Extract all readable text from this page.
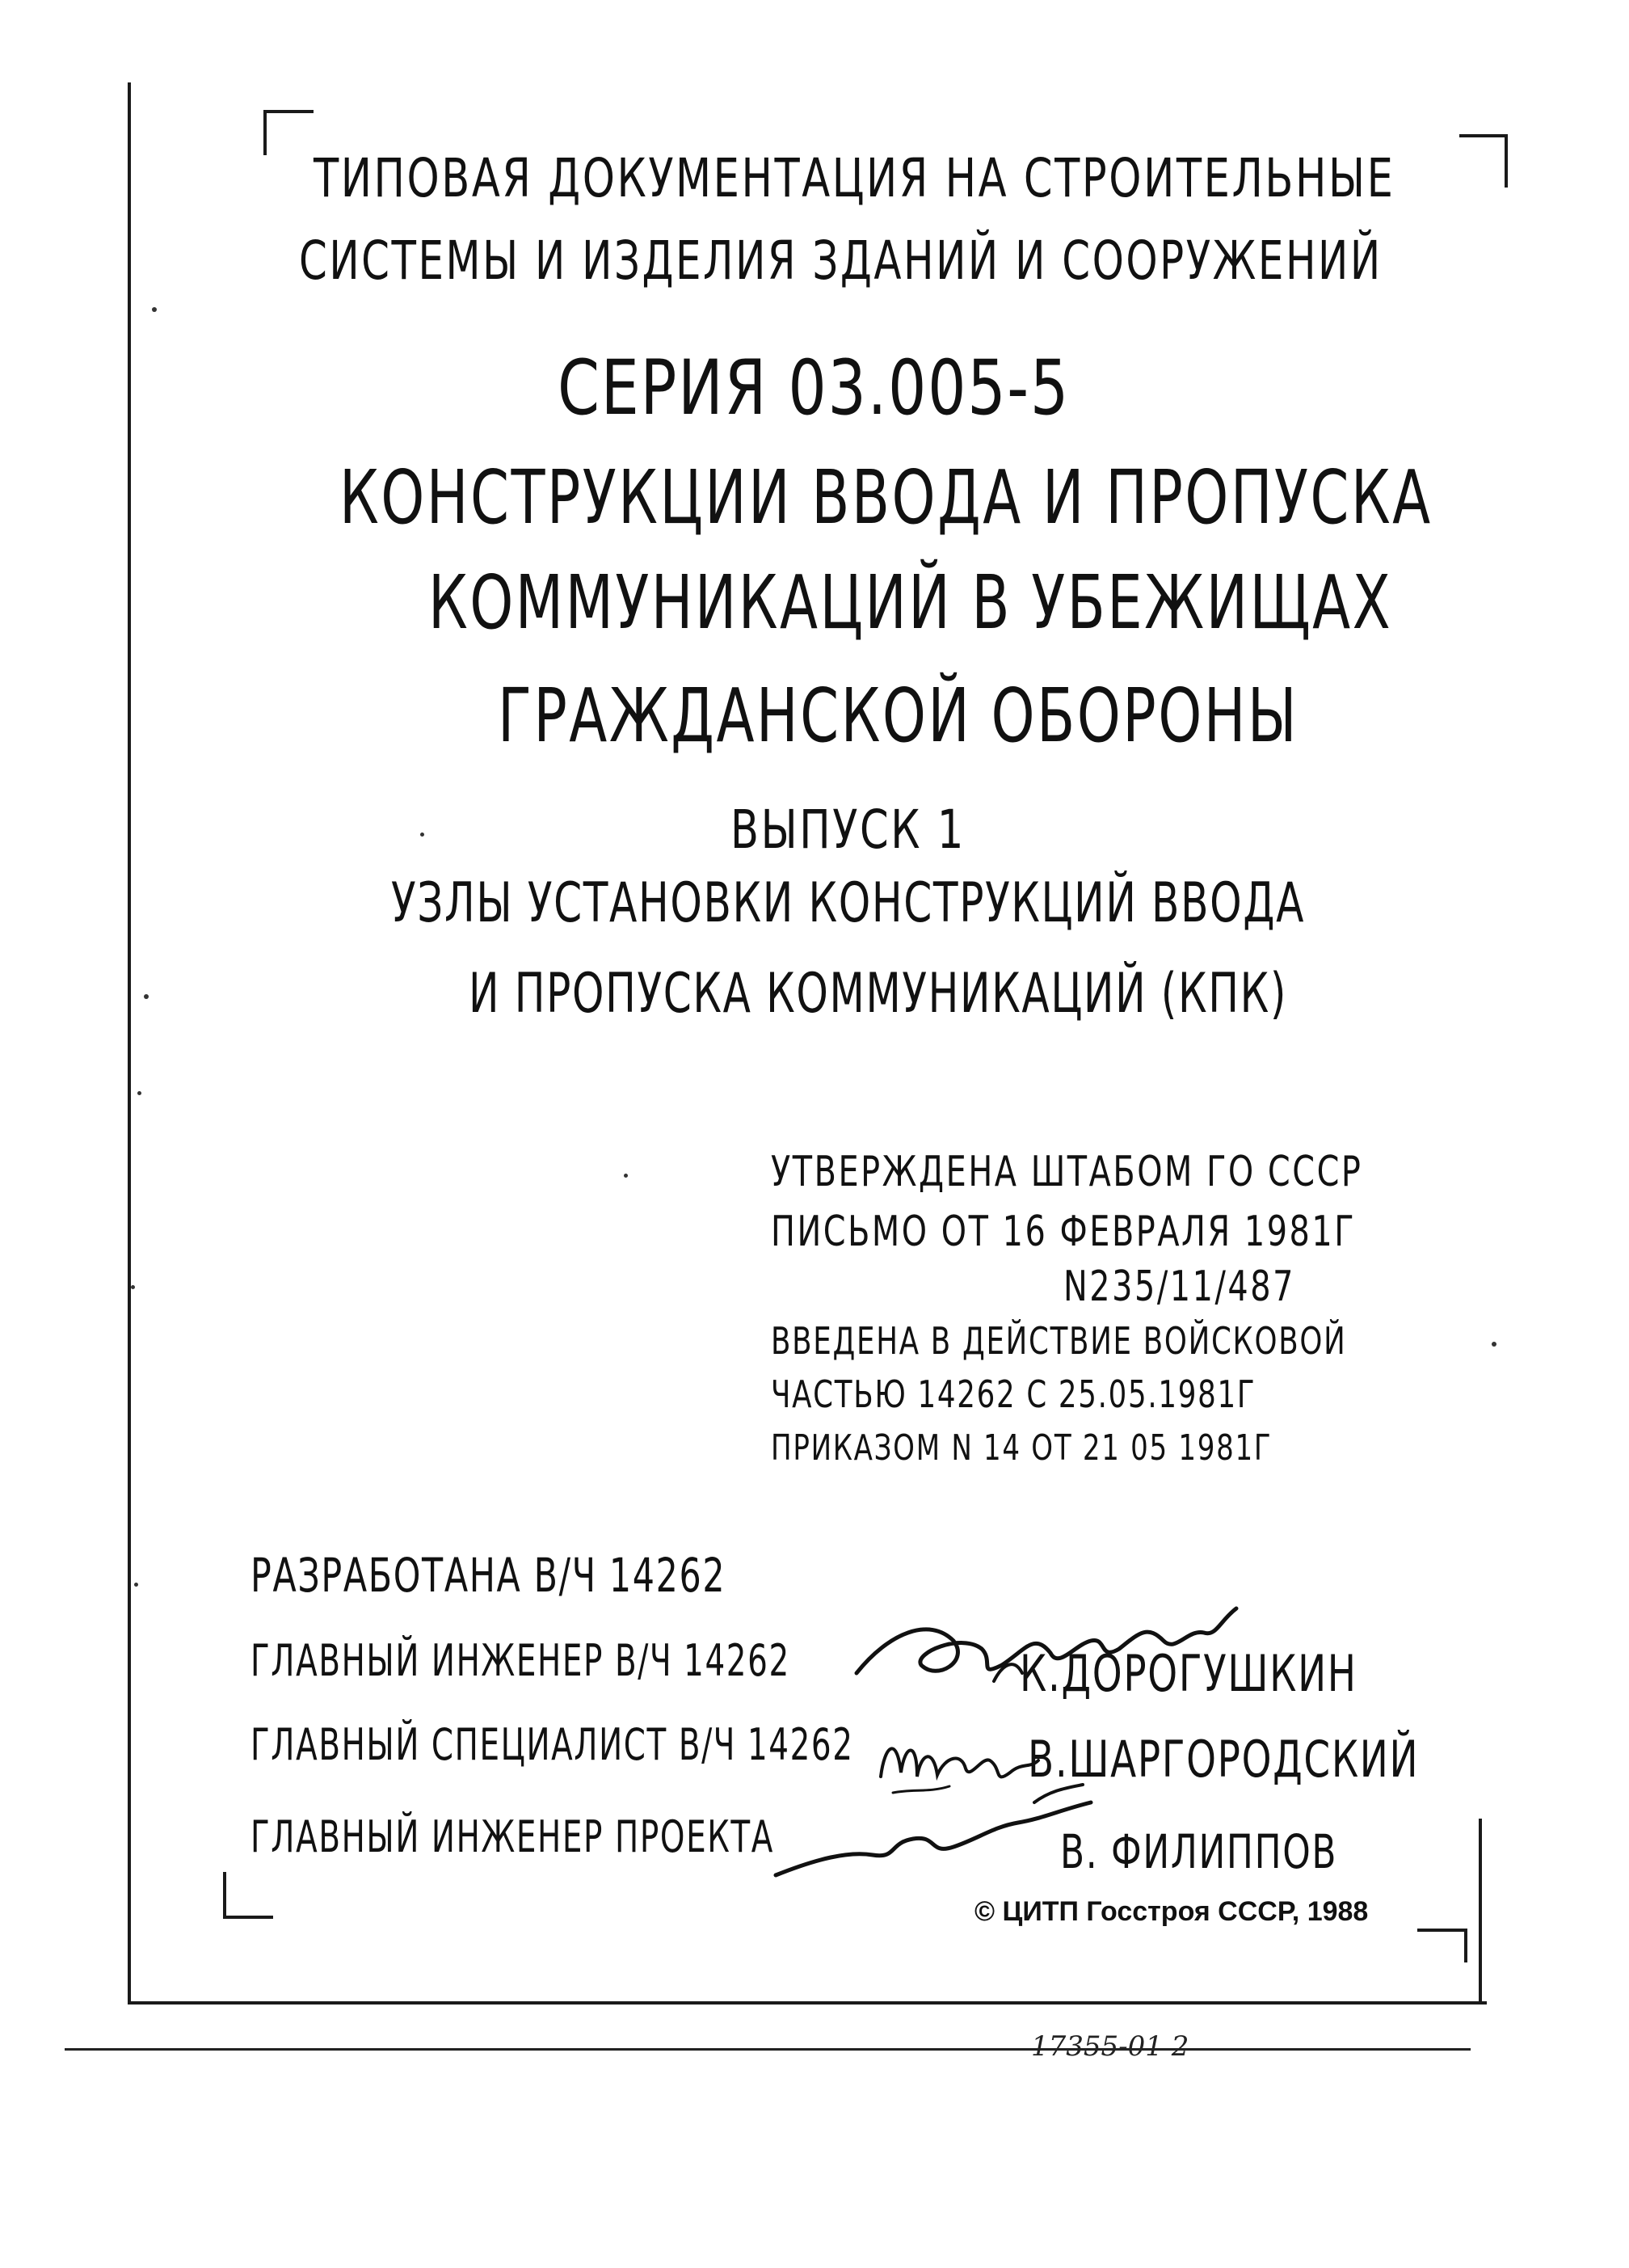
ТИПОВАЯ ДОКУМЕНТАЦИЯ НА СТРОИТЕЛЬНЫЕ
СИСТЕМЫ И ИЗДЕЛИЯ ЗДАНИЙ И СООРУЖЕНИЙ
СЕРИЯ 03.005-5
КОНСТРУКЦИИ ВВОДА И ПРОПУСКА
КОММУНИКАЦИЙ В УБЕЖИЩАХ
ГРАЖДАНСКОЙ ОБОРОНЫ
ВЫПУСК 1
УЗЛЫ УСТАНОВКИ КОНСТРУКЦИЙ ВВОДА
И ПРОПУСКА КОММУНИКАЦИЙ (КПК)
УТВЕРЖДЕНА ШТАБОМ ГО СССР
ПИСЬМО ОТ 16 ФЕВРАЛЯ 1981Г
N235/11/487
ВВЕДЕНА В ДЕЙСТВИЕ ВОЙСКОВОЙ
ЧАСТЬЮ 14262 С 25.05.1981Г
ПРИКАЗОМ N 14 ОТ 21 05 1981Г
РАЗРАБОТАНА В/Ч 14262
ГЛАВНЫЙ ИНЖЕНЕР В/Ч 14262
ГЛАВНЫЙ СПЕЦИАЛИСТ В/Ч 14262
ГЛАВНЫЙ ИНЖЕНЕР ПРОЕКТА
К.ДОРОГУШКИН
В.ШАРГОРОДСКИЙ
В. ФИЛИППОВ
© ЦИТП Госстроя СССР, 1988
17355-01 2
